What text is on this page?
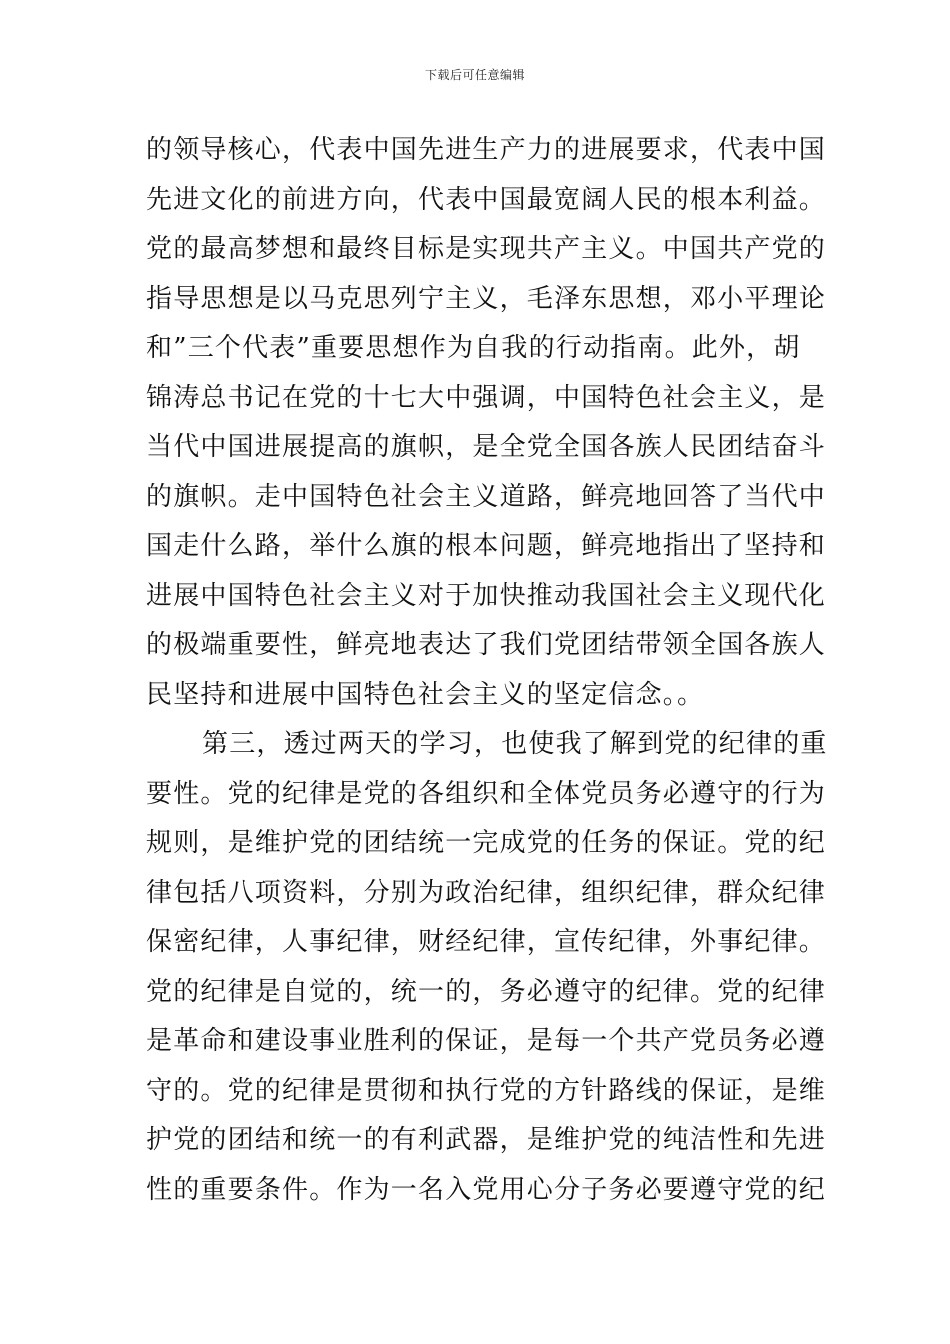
下载后可任意编辑
的领导核心，代表中国先进生产力的进展要求，代表中国
先进文化的前进方向，代表中国最宽阔人民的根本利益。
党的最高梦想和最终目标是实现共产主义。中国共产党的
指导思想是以马克思列宁主义，毛泽东思想，邓小平理论
和”三个代表”重要思想作为自我的行动指南。此外，胡
锦涛总书记在党的十七大中强调，中国特色社会主义，是
当代中国进展提高的旗帜，是全党全国各族人民团结奋斗
的旗帜。走中国特色社会主义道路，鲜亮地回答了当代中
国走什么路，举什么旗的根本问题，鲜亮地指出了坚持和
进展中国特色社会主义对于加快推动我国社会主义现代化
的极端重要性，鲜亮地表达了我们党团结带领全国各族人
民坚持和进展中国特色社会主义的坚定信念。。
第三，透过两天的学习，也使我了解到党的纪律的重
要性。党的纪律是党的各组织和全体党员务必遵守的行为
规则，是维护党的团结统一完成党的任务的保证。党的纪
律包括八项资料，分别为政治纪律，组织纪律，群众纪律
保密纪律，人事纪律，财经纪律，宣传纪律，外事纪律。
党的纪律是自觉的，统一的，务必遵守的纪律。党的纪律
是革命和建设事业胜利的保证，是每一个共产党员务必遵
守的。党的纪律是贯彻和执行党的方针路线的保证，是维
护党的团结和统一的有利武器，是维护党的纯洁性和先进
性的重要条件。作为一名入党用心分子务必要遵守党的纪
